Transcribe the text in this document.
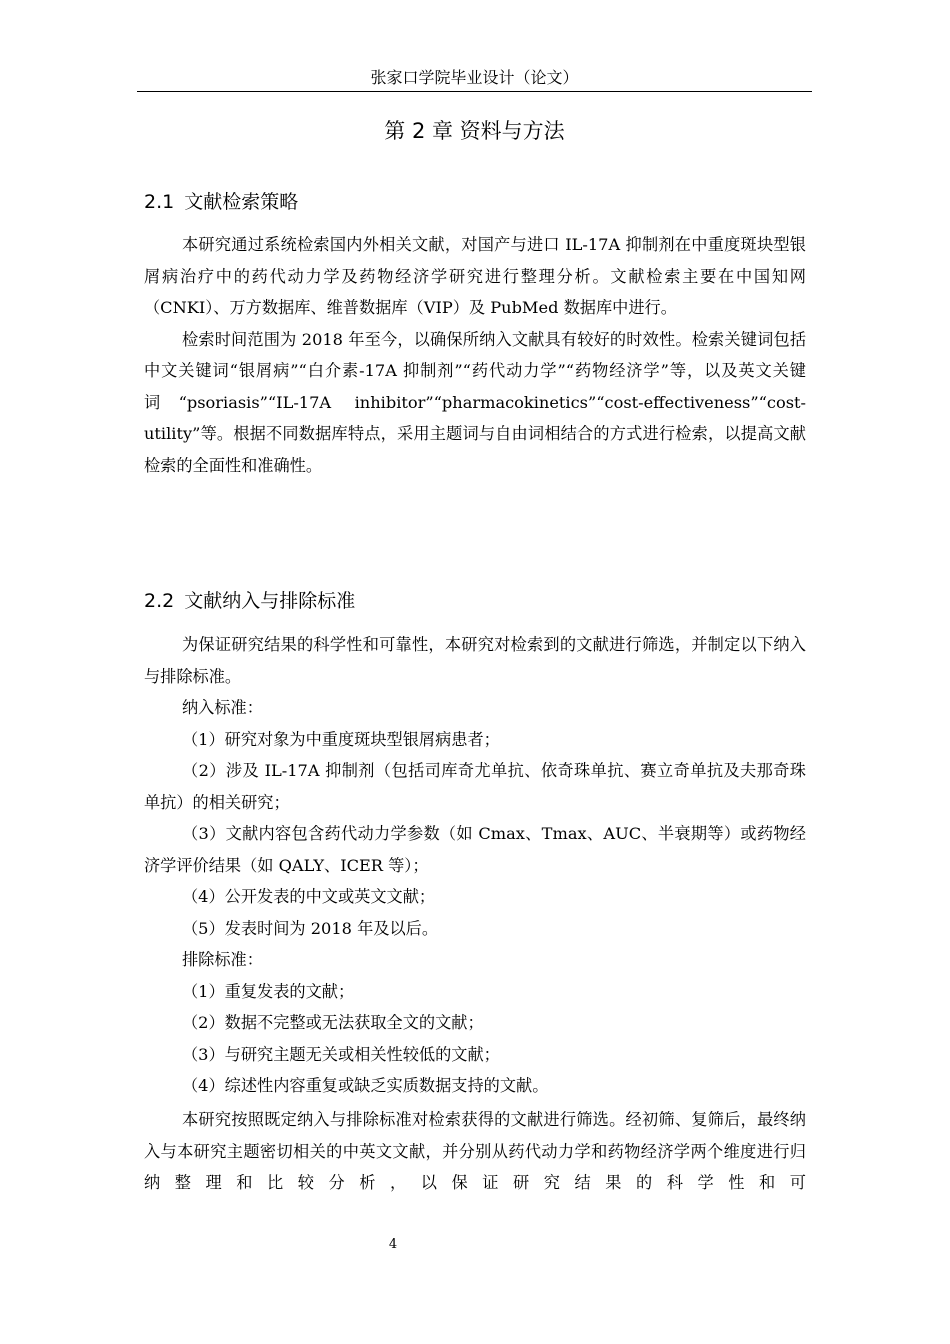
张家口学院毕业设计（论文）
第 2 章 资料与方法
2.1 文献检索策略

本研究通过系统检索国内外相关文献，对国产与进口 IL-17A 抑制剂在中重度斑块型银屑病治疗中的药代动力学及药物经济学研究进行整理分析。文献检索主要在中国知网（CNKI）、万方数据库、维普数据库（VIP）及 PubMed 数据库中进行。

检索时间范围为 2018 年至今，以确保所纳入文献具有较好的时效性。检索关键词包括中文关键词“银屑病”“白介素-17A 抑制剂”“药代动力学”“药物经济学”等，以及英文关键词“psoriasis”“IL-17A inhibitor”“pharmacokinetics”“cost-effectiveness”“cost-utility”等。根据不同数据库特点，采用主题词与自由词相结合的方式进行检索，以提高文献检索的全面性和准确性。

2.2 文献纳入与排除标准

为保证研究结果的科学性和可靠性，本研究对检索到的文献进行筛选，并制定以下纳入与排除标准。

纳入标准：

（1）研究对象为中重度斑块型银屑病患者；

（2）涉及 IL-17A 抑制剂（包括司库奇尤单抗、依奇珠单抗、赛立奇单抗及夫那奇珠单抗）的相关研究；

（3）文献内容包含药代动力学参数（如 Cmax、Tmax、AUC、半衰期等）或药物经济学评价结果（如 QALY、ICER 等）；

（4）公开发表的中文或英文文献；

（5）发表时间为 2018 年及以后。

排除标准：

（1）重复发表的文献；

（2）数据不完整或无法获取全文的文献；

（3）与研究主题无关或相关性较低的文献；

（4）综述性内容重复或缺乏实质数据支持的文献。

本研究按照既定纳入与排除标准对检索获得的文献进行筛选。经初筛、复筛后，最终纳入与本研究主题密切相关的中英文文献，并分别从药代动力学和药物经济学两个维度进行归纳整理和比较分析，以保证研究结果的科学性和可

4
